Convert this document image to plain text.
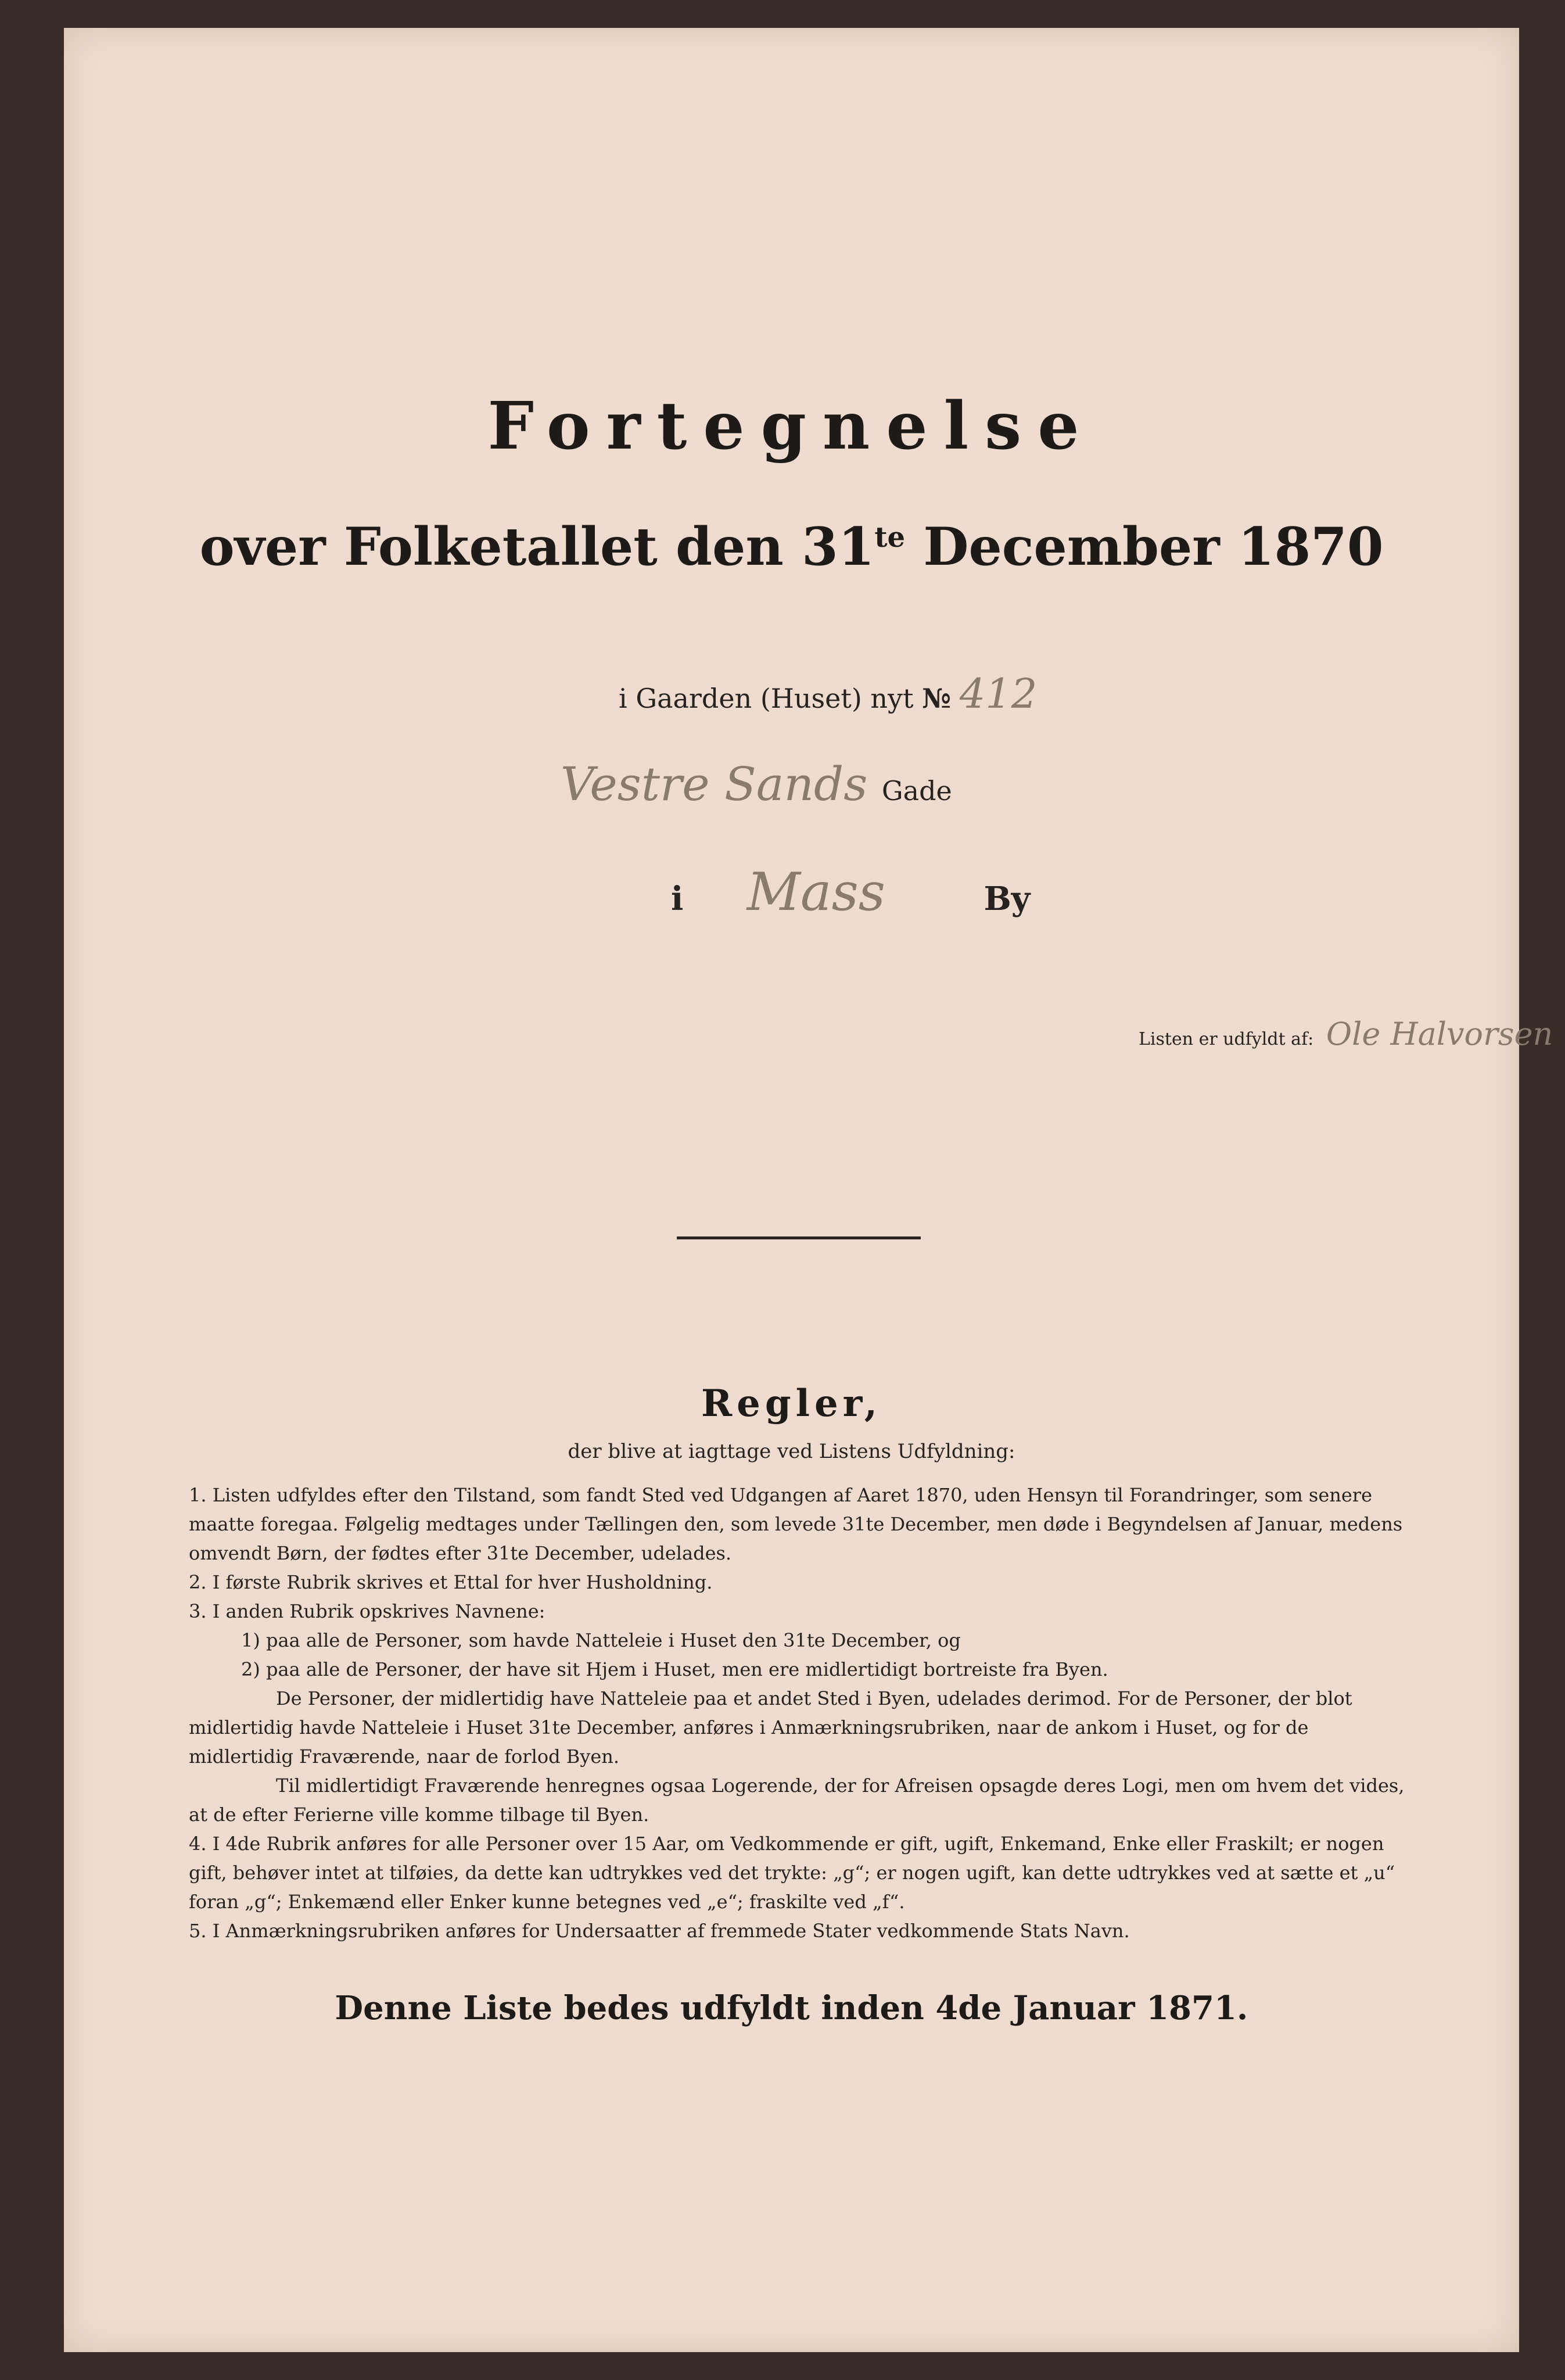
Fortegnelse
over Folketallet den $31^{te}$ December 1870
i Gaarden (Huset) nyt № 412
Vestre Sands Gade
i Mass	By
Listen er udfyldt af: Ole Halvorsen
Regler,
der blive at iagttage ved Listens Udfyldning:

1. Listen udfyldes efter den Tilstand, som fandt Sted ved Udgangen af Aaret 1870, uden Hensyn til Forandringer, som senere maatte foregaa. Følgelig medtages under Tællingen den, som levede 31te December, men døde i Begyndelsen af Januar, medens omvendt Børn, der fødtes efter 31te December, udelades.

2. I første Rubrik skrives et Ettal for hver Husholdning.

3. I anden Rubrik opskrives Navnene:

1) paa alle de Personer, som havde Natteleie i Huset den 31te December, og

2) paa alle de Personer, der have sit Hjem i Huset, men ere midlertidigt bortreiste fra Byen.

De Personer, der midlertidig have Natteleie paa et andet Sted i Byen, udelades derimod. For de Personer, der blot midlertidig havde Natteleie i Huset 31te December, anføres i Anmærkningsrubriken, naar de ankom i Huset, og for de midlertidig Fraværende, naar de forlod Byen.

Til midlertidigt Fraværende henregnes ogsaa Logerende, der for Afreisen opsagde deres Logi, men om hvem det vides, at de efter Ferierne ville komme tilbage til Byen.

4. I 4de Rubrik anføres for alle Personer over 15 Aar, om Vedkommende er gift, ugift, Enkemand, Enke eller Fraskilt; er nogen gift, behøver intet at tilføies, da dette kan udtrykkes ved det trykte: „g“; er nogen ugift, kan dette udtrykkes ved at sætte et „u“ foran „g“; Enkemænd eller Enker kunne betegnes ved „e“; fraskilte ved „f“.

5. I Anmærkningsrubriken anføres for Undersaatter af fremmede Stater vedkommende Stats Navn.

Denne Liste bedes udfyldt inden 4de Januar 1871.
